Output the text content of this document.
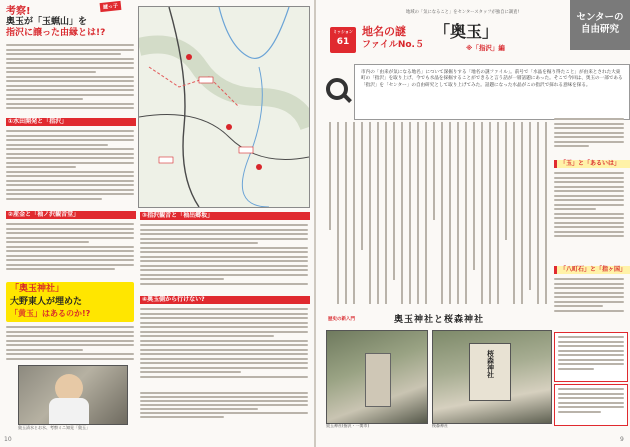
考察!
奥玉が「玉蝋山」を
指沢に譲った由縁とは!?
謎っ子
①水田開発と「指沢」
②産金と「袖ノ沢観音堂」
「奥玉神社」
大野東人が埋めた
「黄玉」はあるのか!?
奥玉清水とお水、考察ミニ知見「奥玉」
③指沢観音と「袖出郷坂」
④奥玉側から行けない?
10
地域の「気になること」をセンタースタッフが独自に調査!	センターの
自由研究
ミッション
61
地名の謎
ファイルNo.５
「奥玉」
※「指沢」編
市内の「由来が気になる地名」について深掘りする「地名の謎ファイル」。前号で「水晶を掘り得たこと」が由来とされた大東町の「指沢」を取り上げ、今でも水晶を採掘することができると言う話が一層話題にあった。そこで今回は、奥玉の一部である「指沢」を「センター」の自由研究として取り上げてみた。話題になった水晶がこの指沢で採れる意味を探る。
「玉」と「あるいは」
「八町石」と「指ヶ国」
歴史の新入門	奥玉神社と桜森神社
奥玉神社(指沢・一関市)
桜森神社
桜森神社
9
